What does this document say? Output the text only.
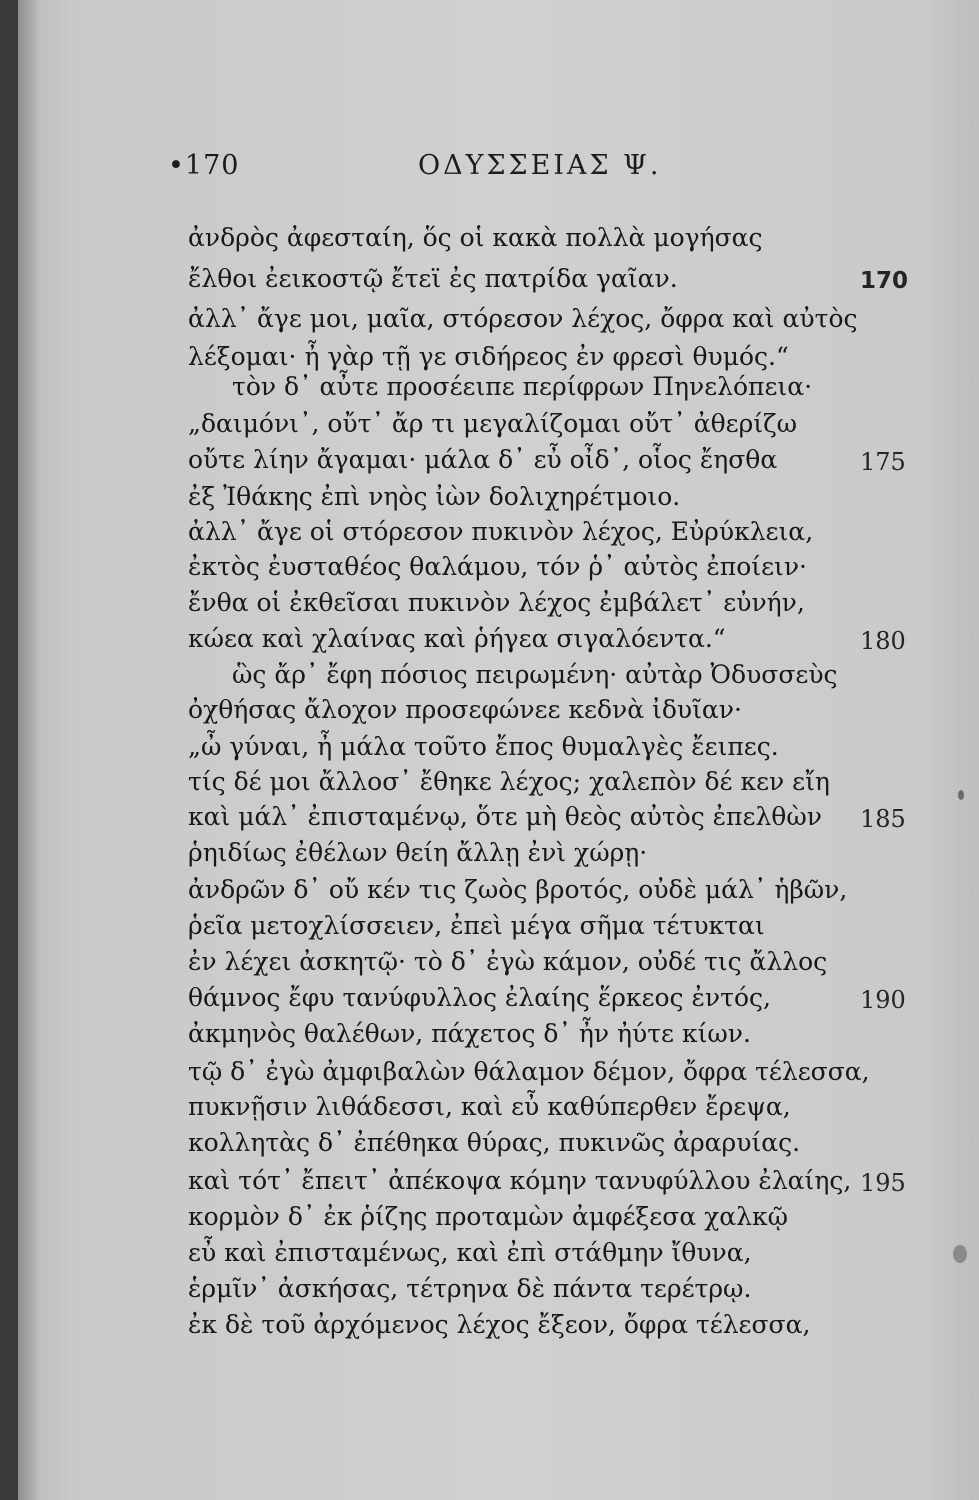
•170	ΟΔΥΣΣΕΙΑΣ Ψ.
ἀνδρὸς ἀφεσταίη, ὅς οἱ κακὰ πολλὰ μογήσας
ἔλθοι ἐεικοστῷ ἔτεϊ ἐς πατρίδα γαῖαν.
ἀλλ᾽ ἄγε μοι, μαῖα, στόρεσον λέχος, ὄφρα καὶ αὐτὸς
λέξομαι· ἦ γὰρ τῇ γε σιδήρεος ἐν φρεσὶ θυμός.“
τὸν δ᾽ αὖτε προσέειπε περίφρων Πηνελόπεια·
„δαιμόνι᾽, οὔτ᾽ ἄρ τι μεγαλίζομαι οὔτ᾽ ἀθερίζω
οὔτε λίην ἄγαμαι· μάλα δ᾽ εὖ οἶδ᾽, οἷος ἔησθα
ἐξ Ἰθάκης ἐπὶ νηὸς ἰὼν δολιχηρέτμοιο.
ἀλλ᾽ ἄγε οἱ στόρεσον πυκινὸν λέχος, Εὐρύκλεια,
ἐκτὸς ἐυσταθέος θαλάμου, τόν ῥ᾽ αὐτὸς ἐποίειν·
ἔνθα οἱ ἐκθεῖσαι πυκινὸν λέχος ἐμβάλετ᾽ εὐνήν,
κώεα καὶ χλαίνας καὶ ῥήγεα σιγαλόεντα.“
ὣς ἄρ᾽ ἔφη πόσιος πειρωμένη· αὐτὰρ Ὀδυσσεὺς
ὀχθήσας ἄλοχον προσεφώνεε κεδνὰ ἰδυῖαν·
„ὦ γύναι, ἦ μάλα τοῦτο ἔπος θυμαλγὲς ἔειπες.
τίς δέ μοι ἄλλοσ᾽ ἔθηκε λέχος; χαλεπὸν δέ κεν εἴη
καὶ μάλ᾽ ἐπισταμένῳ, ὅτε μὴ θεὸς αὐτὸς ἐπελθὼν
ῥηιδίως ἐθέλων θείη ἄλλῃ ἐνὶ χώρῃ·
ἀνδρῶν δ᾽ οὔ κέν τις ζωὸς βροτός, οὐδὲ μάλ᾽ ἡβῶν,
ῥεῖα μετοχλίσσειεν, ἐπεὶ μέγα σῆμα τέτυκται
ἐν λέχει ἀσκητῷ· τὸ δ᾽ ἐγὼ κάμον, οὐδέ τις ἄλλος
θάμνος ἔφυ τανύφυλλος ἐλαίης ἕρκεος ἐντός,
ἀκμηνὸς θαλέθων, πάχετος δ᾽ ἦν ἠύτε κίων.
τῷ δ᾽ ἐγὼ ἀμφιβαλὼν θάλαμον δέμον, ὄφρα τέλεσσα,
πυκνῇσιν λιθάδεσσι, καὶ εὖ καθύπερθεν ἔρεψα,
κολλητὰς δ᾽ ἐπέθηκα θύρας, πυκινῶς ἀραρυίας.
καὶ τότ᾽ ἔπειτ᾽ ἀπέκοψα κόμην τανυφύλλου ἐλαίης,
κορμὸν δ᾽ ἐκ ῥίζης προταμὼν ἀμφέξεσα χαλκῷ
εὖ καὶ ἐπισταμένως, καὶ ἐπὶ στάθμην ἴθυνα,
ἑρμῖν᾽ ἀσκήσας, τέτρηνα δὲ πάντα τερέτρῳ.
ἐκ δὲ τοῦ ἀρχόμενος λέχος ἔξεον, ὄφρα τέλεσσα,
170
175
180
185
190
195
